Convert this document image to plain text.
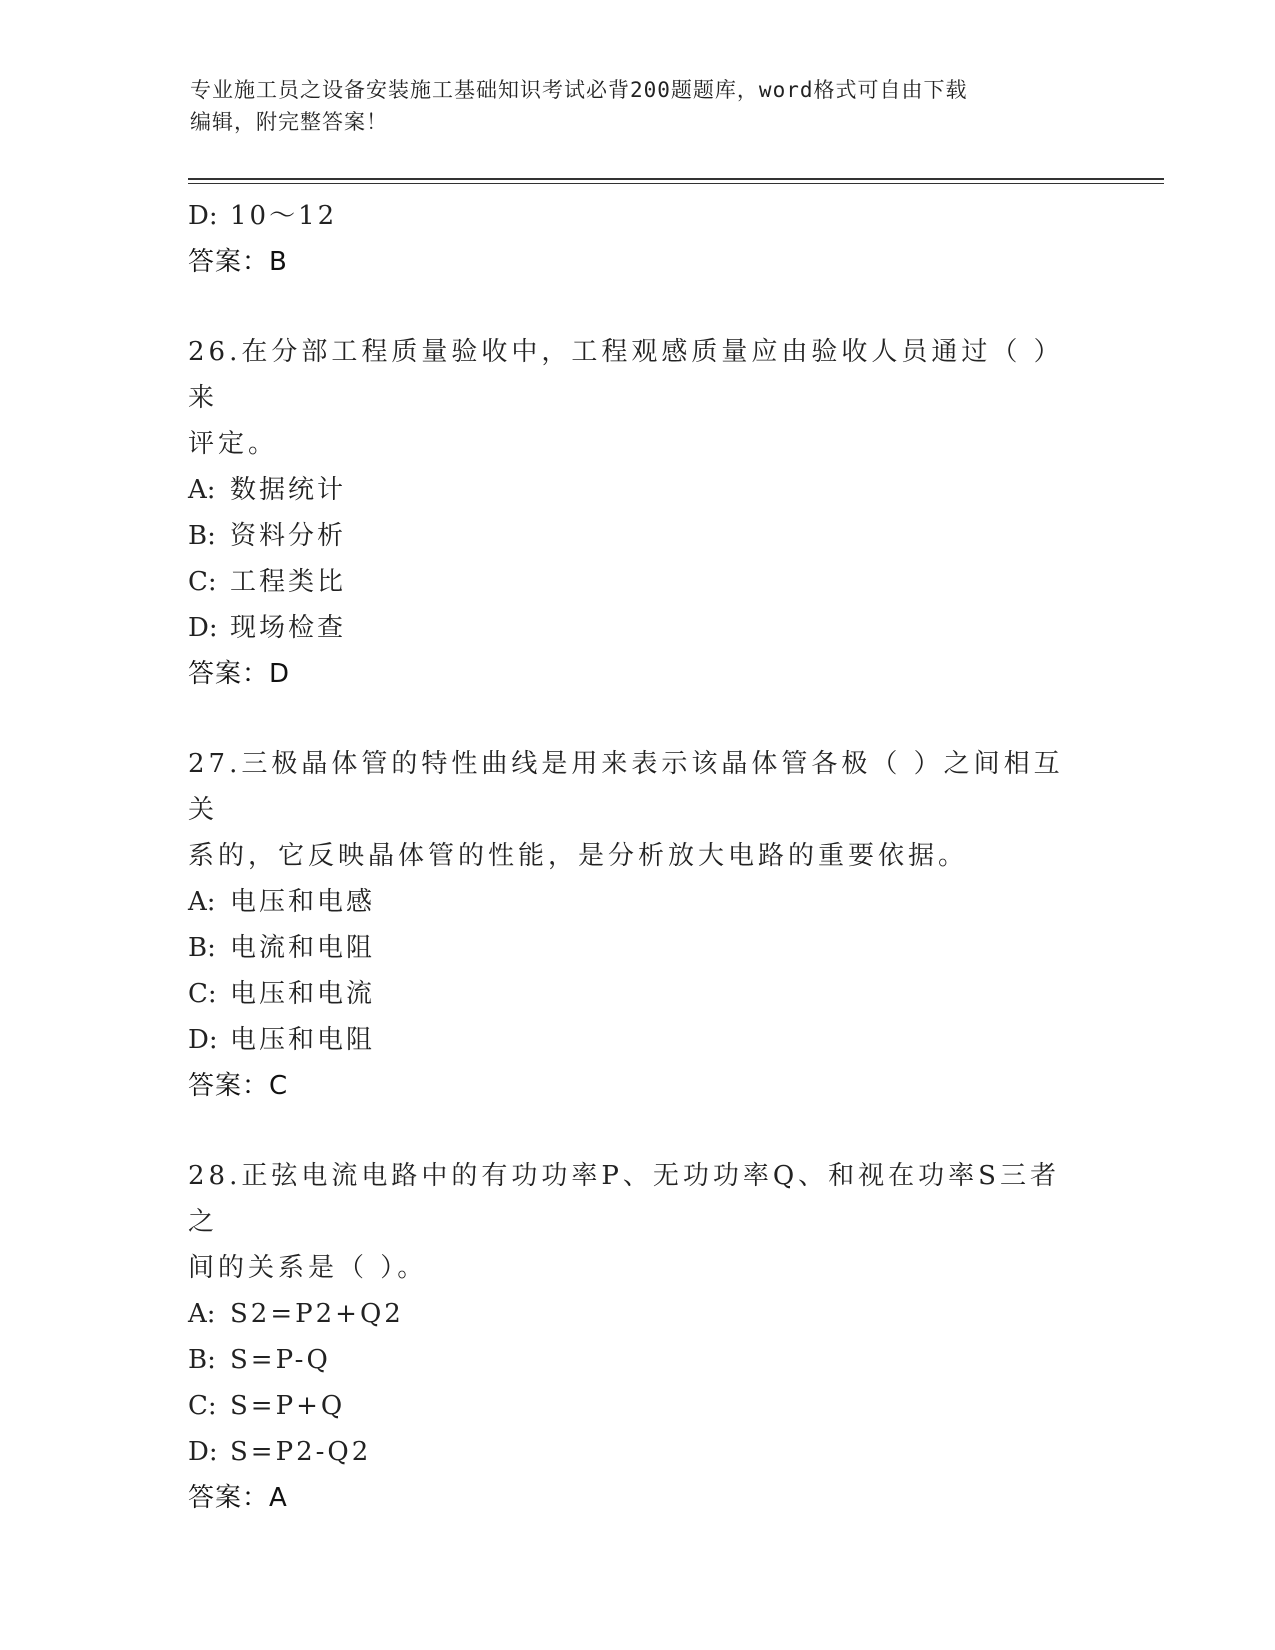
专业施工员之设备安装施工基础知识考试必背200题题库，word格式可自由下载
编辑，附完整答案！
D: 10～12
答案：B
26.在分部工程质量验收中，工程观感质量应由验收人员通过（ ）来
评定。
A: 数据统计
B: 资料分析
C: 工程类比
D: 现场检查
答案：D
27.三极晶体管的特性曲线是用来表示该晶体管各极（ ）之间相互关
系的，它反映晶体管的性能，是分析放大电路的重要依据。
A: 电压和电感
B: 电流和电阻
C: 电压和电流
D: 电压和电阻
答案：C
28.正弦电流电路中的有功功率P、无功功率Q、和视在功率S三者之
间的关系是（ ）。
A: S2=P2+Q2
B: S=P-Q
C: S=P+Q
D: S=P2-Q2
答案：A
